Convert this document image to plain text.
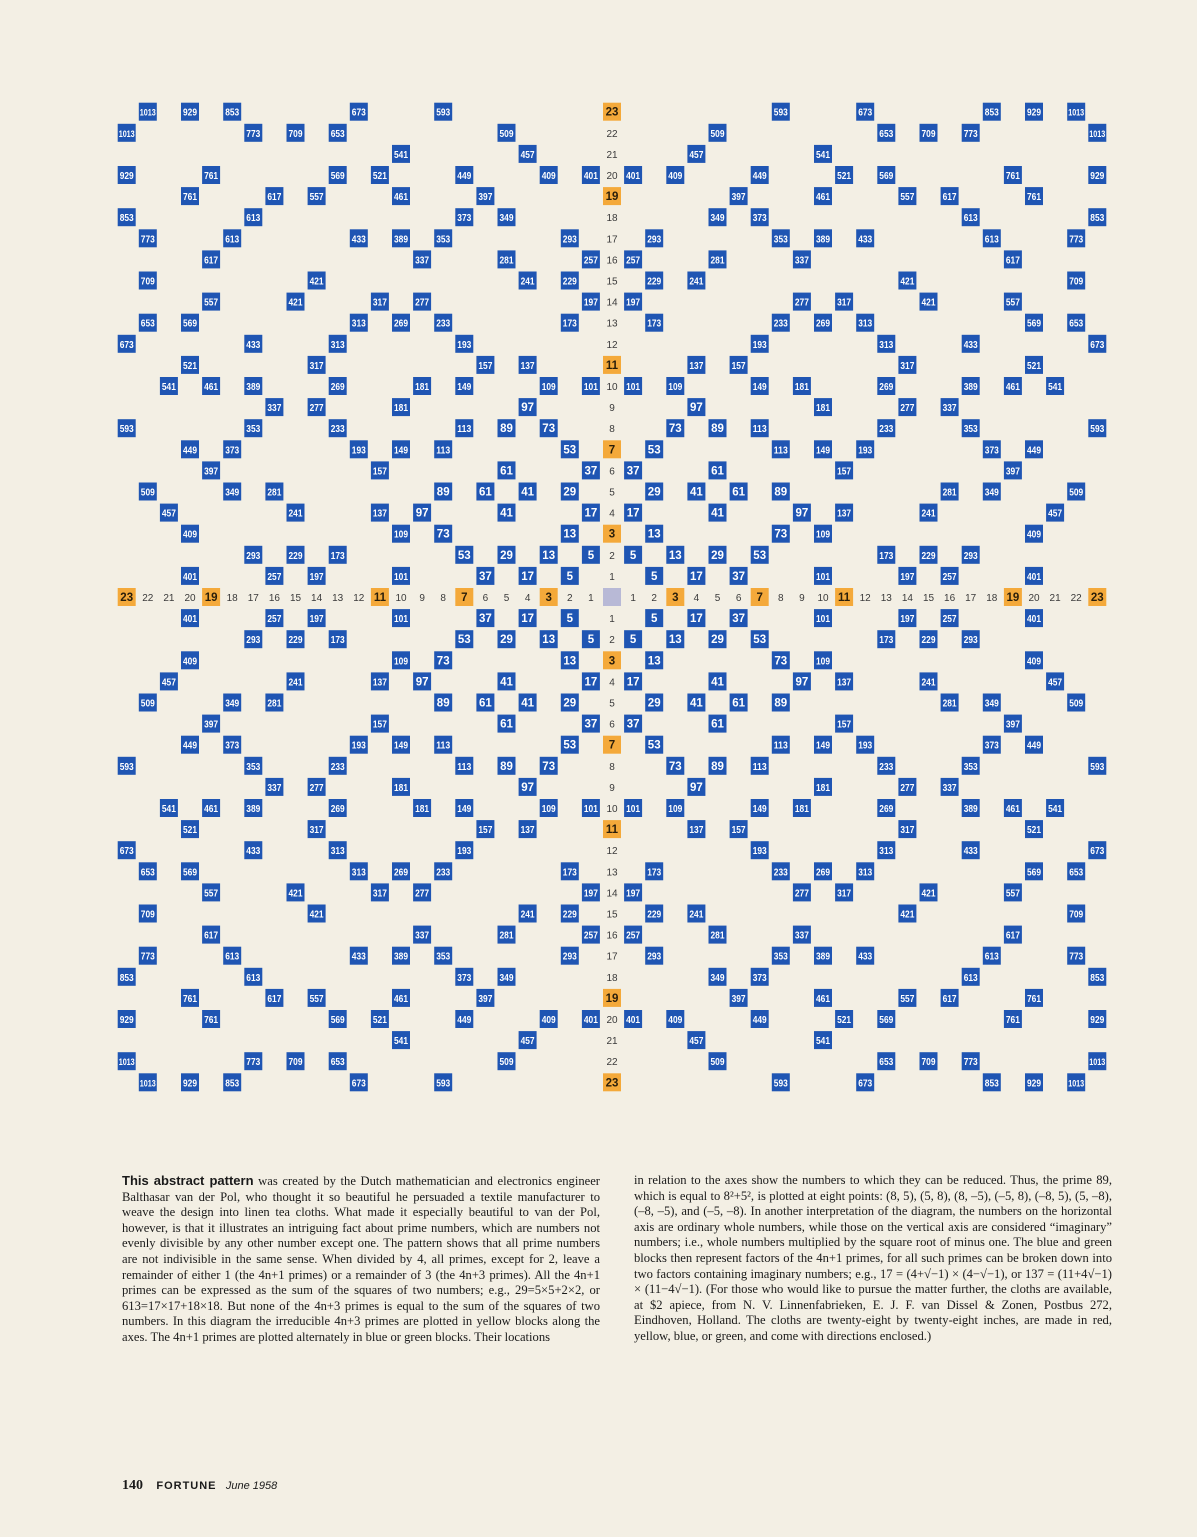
1
1
1
1
2
2
2
2
3
3
3
3
4
4
4
4
5
5
5
5
6
6
6
6
7
7
7
7
8
8
8
8
9
9
9
9
10
10
10
10
11
11
11
11
12
12
12
12
13
13
13
13
14
14
14
14
15
15
15
15
16
16
16
16
17
17
17
17
18
18
18
18
19
19
19
19
20
20
20
20
21
21
21
21
22
22
22
22
23
23
23
23
1013
929
853
673
593
593
673
853
929
1013
1013
773
709
653
509
509
653
709
773
1013
541
457
457
541
929
761
569
521
449
409
401
401
409
449
521
569
761
929
761
617
557
461
397
397
461
557
617
761
853
613
373
349
349
373
613
853
773
613
433
389
353
293
293
353
389
433
613
773
617
337
281
257
257
281
337
617
709
421
241
229
229
241
421
709
557
421
317
277
197
197
277
317
421
557
653
569
313
269
233
173
173
233
269
313
569
653
673
433
313
193
193
313
433
673
521
317
157
137
137
157
317
521
541
461
389
269
181
149
109
101
101
109
149
181
269
389
461
541
337
277
181
97
97
181
277
337
593
353
233
113
89
73
73
89
113
233
353
593
449
373
193
149
113
53
53
113
149
193
373
449
397
157
61
37
37
61
157
397
509
349
281
89
61
41
29
29
41
61
89
281
349
509
457
241
137
97
41
17
17
41
97
137
241
457
409
109
73
13
13
73
109
409
293
229
173
53
29
13
5
5
13
29
53
173
229
293
401
257
197
101
37
17
5
5
17
37
101
197
257
401
401
257
197
101
37
17
5
5
17
37
101
197
257
401
293
229
173
53
29
13
5
5
13
29
53
173
229
293
409
109
73
13
13
73
109
409
457
241
137
97
41
17
17
41
97
137
241
457
509
349
281
89
61
41
29
29
41
61
89
281
349
509
397
157
61
37
37
61
157
397
449
373
193
149
113
53
53
113
149
193
373
449
593
353
233
113
89
73
73
89
113
233
353
593
337
277
181
97
97
181
277
337
541
461
389
269
181
149
109
101
101
109
149
181
269
389
461
541
521
317
157
137
137
157
317
521
673
433
313
193
193
313
433
673
653
569
313
269
233
173
173
233
269
313
569
653
557
421
317
277
197
197
277
317
421
557
709
421
241
229
229
241
421
709
617
337
281
257
257
281
337
617
773
613
433
389
353
293
293
353
389
433
613
773
853
613
373
349
349
373
613
853
761
617
557
461
397
397
461
557
617
761
929
761
569
521
449
409
401
401
409
449
521
569
761
929
541
457
457
541
1013
773
709
653
509
509
653
709
773
1013
1013
929
853
673
593
593
673
853
929
1013
This abstract pattern was created by the Dutch mathematician and electronics engineer Balthasar van der Pol, who thought it so beautiful he persuaded a textile manufacturer to weave the design into linen tea cloths. What made it especially beautiful to van der Pol, however, is that it illustrates an intriguing fact about prime numbers, which are numbers not evenly divisible by any other number except one. The pattern shows that all prime numbers are not indivisible in the same sense. When divided by 4, all primes, except for 2, leave a remainder of either 1 (the 4n+1 primes) or a remainder of 3 (the 4n+3 primes). All the 4n+1 primes can be expressed as the sum of the squares of two numbers; e.g., 29=5×5+2×2, or 613=17×17+18×18. But none of the 4n+3 primes is equal to the sum of the squares of two numbers. In this diagram the irreducible 4n+3 primes are plotted in yellow blocks along the axes. The 4n+1 primes are plotted alternately in blue or green blocks. Their locations
in relation to the axes show the numbers to which they can be reduced. Thus, the prime 89, which is equal to 8²+5², is plotted at eight points: (8, 5), (5, 8), (8, –5), (–5, 8), (–8, 5), (5, –8), (–8, –5), and (–5, –8). In another interpretation of the diagram, the numbers on the horizontal axis are ordinary whole numbers, while those on the vertical axis are considered “imaginary” numbers; i.e., whole numbers multiplied by the square root of minus one. The blue and green blocks then represent factors of the 4n+1 primes, for all such primes can be broken down into two factors containing imaginary numbers; e.g., 17 = (4+√−1) × (4−√−1), or 137 = (11+4√−1) × (11−4√−1). (For those who would like to pursue the matter further, the cloths are available, at $2 apiece, from N. V. Linnenfabrieken, E. J. F. van Dissel & Zonen, Postbus 272, Eindhoven, Holland. The cloths are twenty-eight by twenty-eight inches, are made in red, yellow, blue, or green, and come with directions enclosed.)
140 FORTUNE June 1958
